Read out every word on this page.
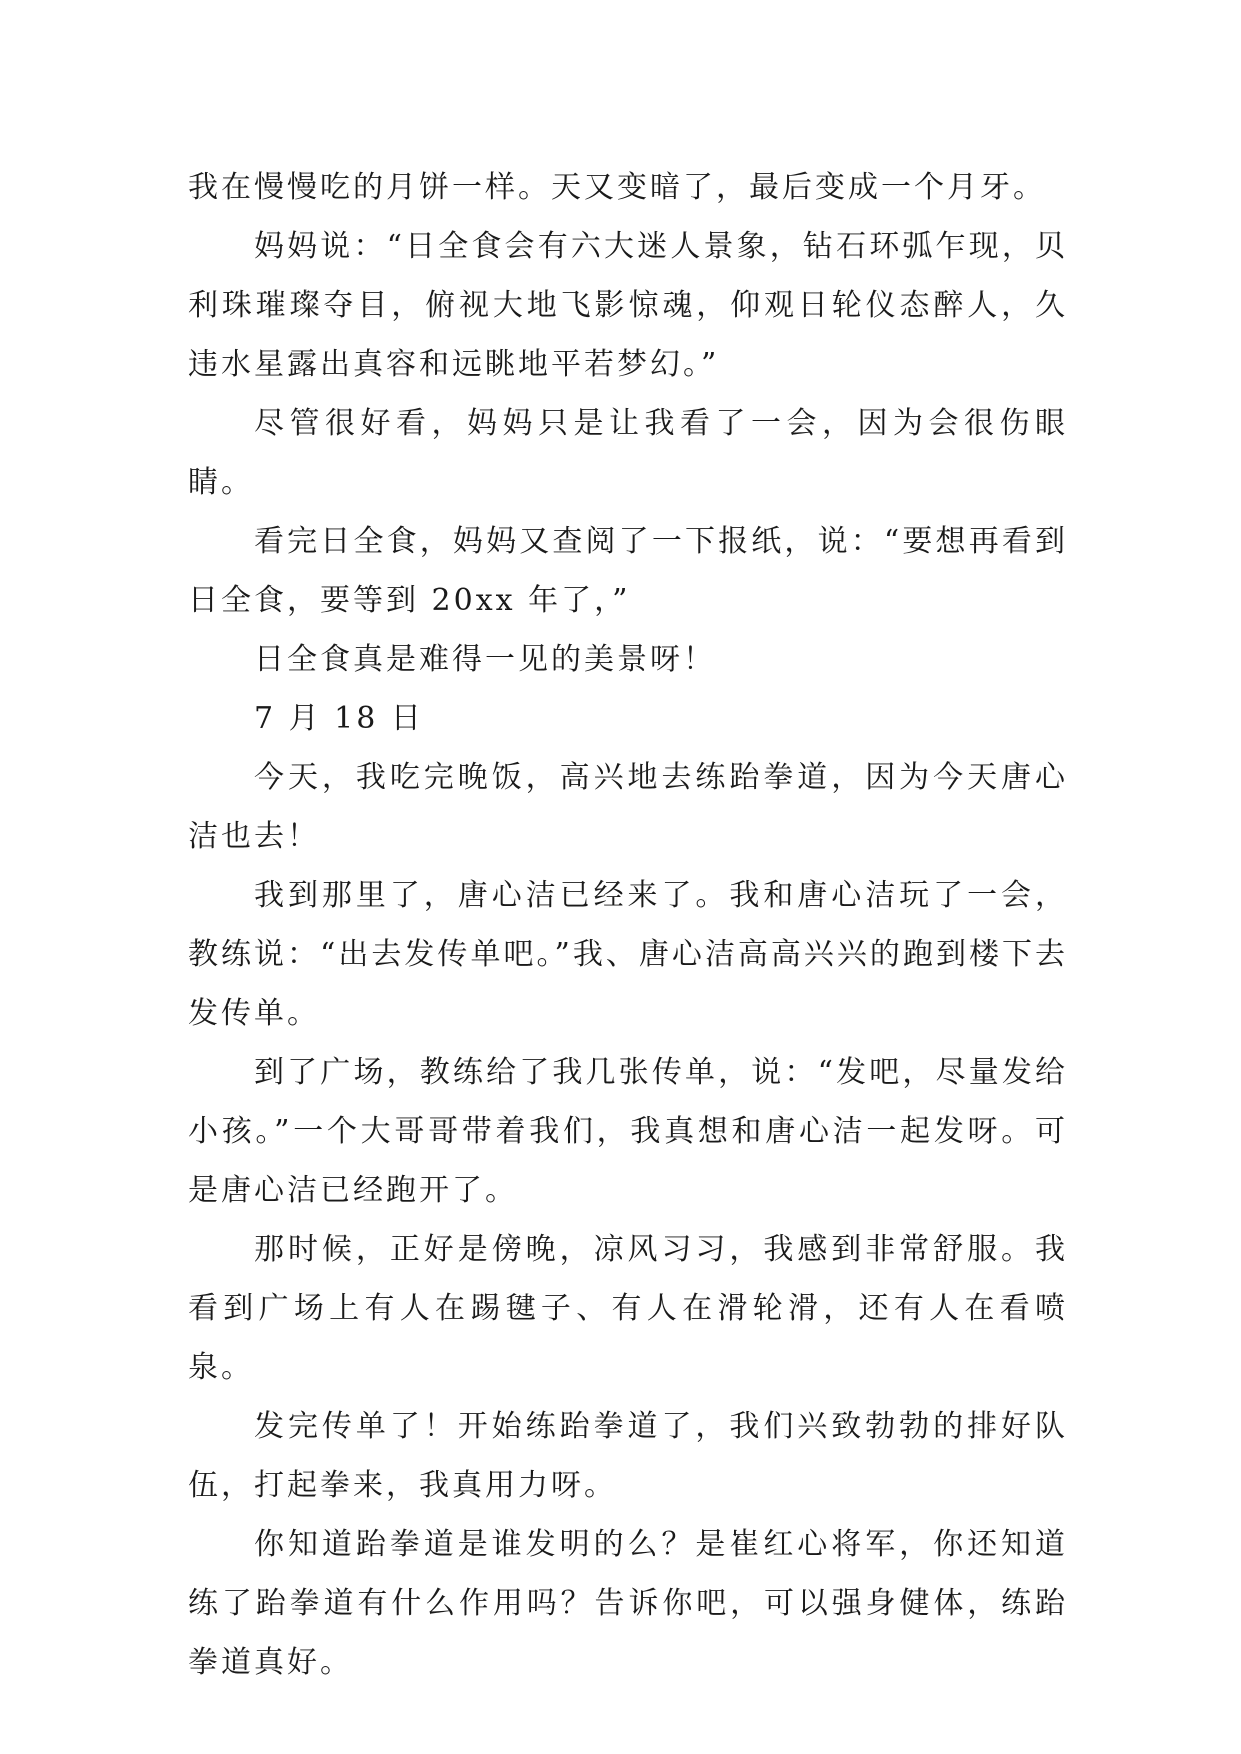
我在慢慢吃的月饼一样。天又变暗了，最后变成一个月牙。

妈妈说：“日全食会有六大迷人景象，钻石环弧乍现，贝利珠璀璨夺目，俯视大地飞影惊魂，仰观日轮仪态醉人，久违水星露出真容和远眺地平若梦幻。”

尽管很好看，妈妈只是让我看了一会，因为会很伤眼睛。

看完日全食，妈妈又查阅了一下报纸，说：“要想再看到日全食，要等到 20xx 年了，”

日全食真是难得一见的美景呀！

7 月 18 日

今天，我吃完晚饭，高兴地去练跆拳道，因为今天唐心洁也去！

我到那里了，唐心洁已经来了。我和唐心洁玩了一会，教练说：“出去发传单吧。”我、唐心洁高高兴兴的跑到楼下去发传单。

到了广场，教练给了我几张传单，说：“发吧，尽量发给小孩。”一个大哥哥带着我们，我真想和唐心洁一起发呀。可是唐心洁已经跑开了。

那时候，正好是傍晚，凉风习习，我感到非常舒服。我看到广场上有人在踢毽子、有人在滑轮滑，还有人在看喷泉。

发完传单了！开始练跆拳道了，我们兴致勃勃的排好队伍，打起拳来，我真用力呀。

你知道跆拳道是谁发明的么？是崔红心将军，你还知道练了跆拳道有什么作用吗？告诉你吧，可以强身健体，练跆拳道真好。
